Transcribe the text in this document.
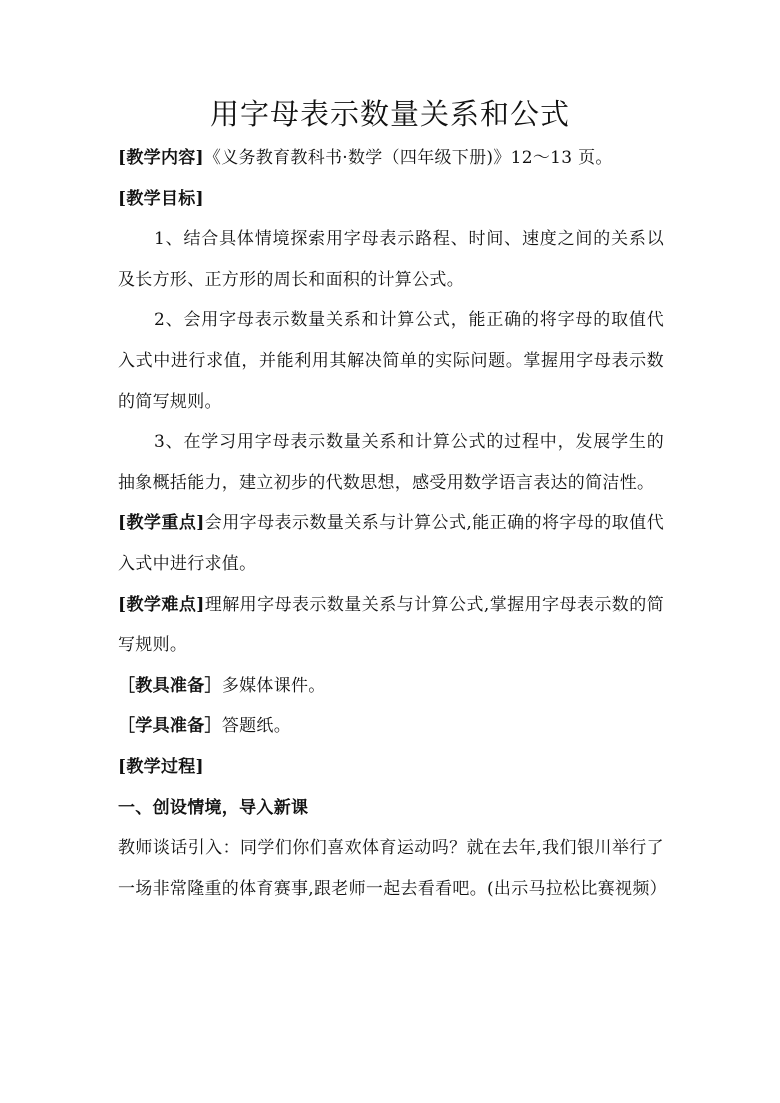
用字母表示数量关系和公式

[教学内容]《义务教育教科书·数学（四年级下册)》12～13 页。

[教学目标]

1、结合具体情境探索用字母表示路程、时间、速度之间的关系以及长方形、正方形的周长和面积的计算公式。

2、会用字母表示数量关系和计算公式，能正确的将字母的取值代入式中进行求值，并能利用其解决简单的实际问题。掌握用字母表示数的简写规则。

3、在学习用字母表示数量关系和计算公式的过程中，发展学生的抽象概括能力，建立初步的代数思想，感受用数学语言表达的简洁性。

[教学重点]会用字母表示数量关系与计算公式,能正确的将字母的取值代入式中进行求值。

[教学难点]理解用字母表示数量关系与计算公式,掌握用字母表示数的简写规则。

［教具准备］多媒体课件。

［学具准备］答题纸。

[教学过程]

一、创设情境，导入新课

教师谈话引入：同学们你们喜欢体育运动吗？就在去年,我们银川举行了一场非常隆重的体育赛事,跟老师一起去看看吧。(出示马拉松比赛视频）
